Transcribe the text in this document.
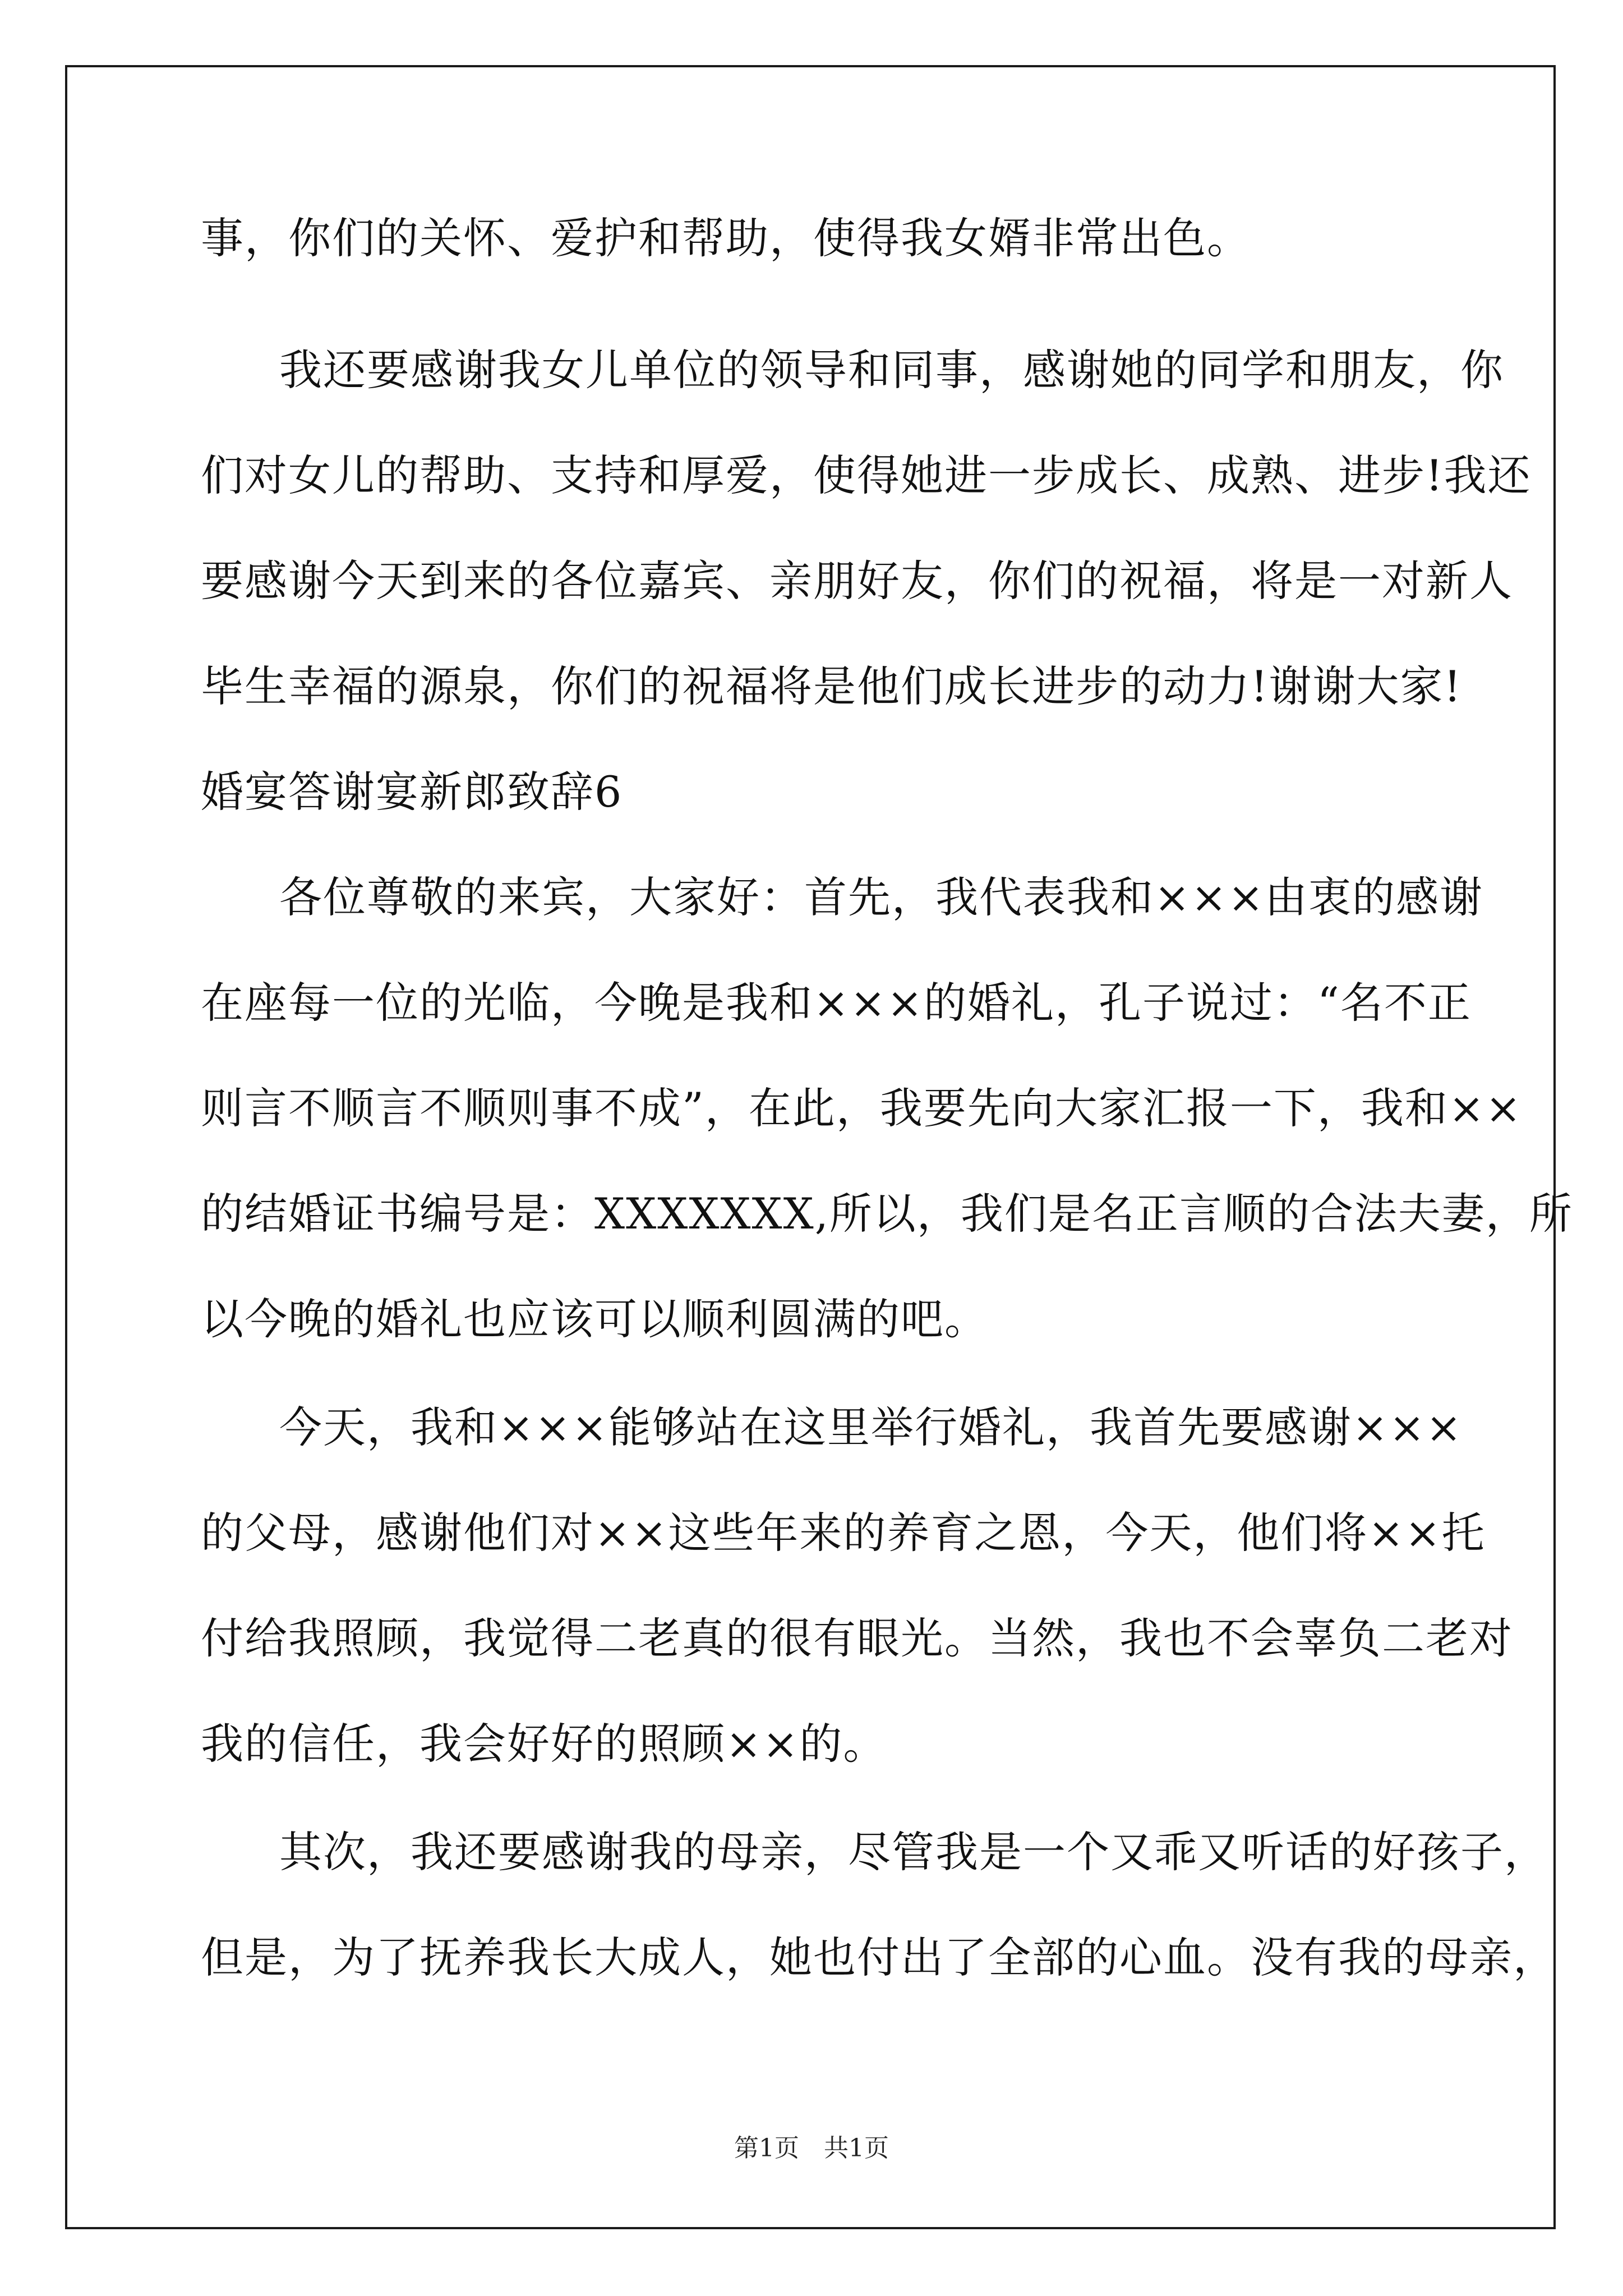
事，你们的关怀、爱护和帮助，使得我女婿非常出色。
我还要感谢我女儿单位的领导和同事，感谢她的同学和朋友，你
们对女儿的帮助、支持和厚爱，使得她进一步成长、成熟、进步!我还
要感谢今天到来的各位嘉宾、亲朋好友，你们的祝福，将是一对新人
毕生幸福的源泉，你们的祝福将是他们成长进步的动力!谢谢大家!
婚宴答谢宴新郎致辞6
各位尊敬的来宾，大家好：首先，我代表我和×××由衷的感谢
在座每一位的光临，今晚是我和×××的婚礼，孔子说过：“名不正
则言不顺言不顺则事不成”，在此，我要先向大家汇报一下，我和××
的结婚证书编号是：XXXXXXX,所以，我们是名正言顺的合法夫妻，所
以今晚的婚礼也应该可以顺利圆满的吧。
今天，我和×××能够站在这里举行婚礼，我首先要感谢×××
的父母，感谢他们对××这些年来的养育之恩，今天，他们将××托
付给我照顾，我觉得二老真的很有眼光。当然，我也不会辜负二老对
我的信任，我会好好的照顾××的。
其次，我还要感谢我的母亲，尽管我是一个又乖又听话的好孩子，
但是，为了抚养我长大成人，她也付出了全部的心血。没有我的母亲，
第1页　共1页
